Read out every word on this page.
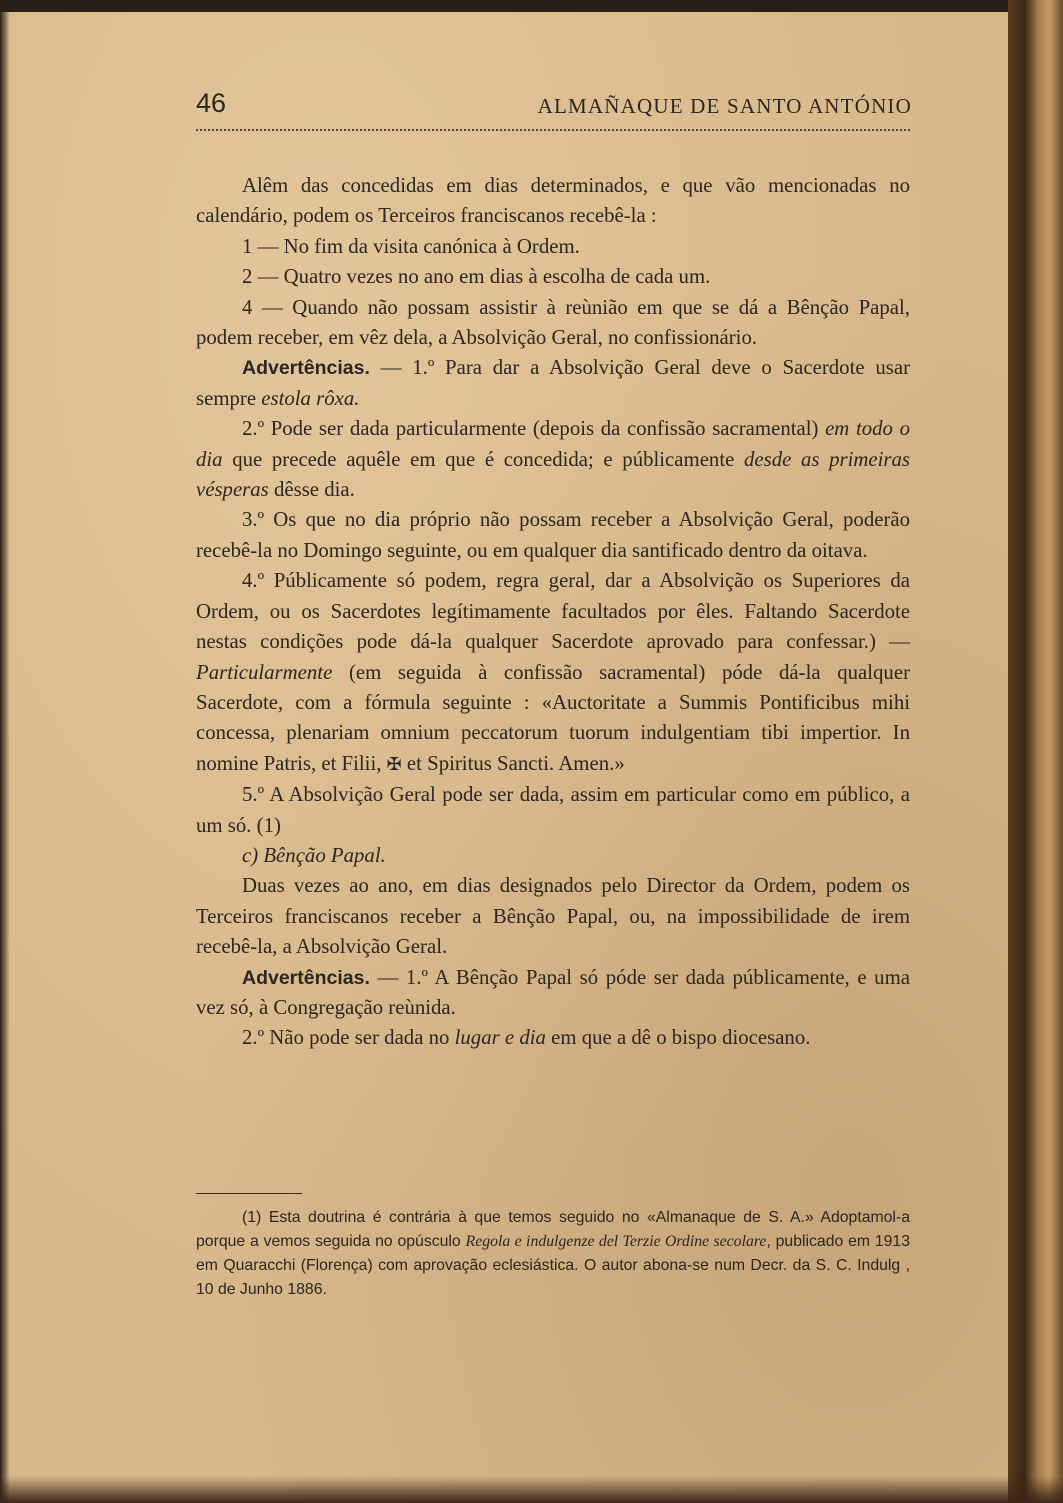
46	ALMAÑAQUE DE SANTO ANTÓNIO

Alêm das concedidas em dias determinados, e que vão mencionadas no calendário, podem os Terceiros franciscanos recebê-la :

1 — No fim da visita canónica à Ordem.

2 — Quatro vezes no ano em dias à escolha de cada um.

4 — Quando não possam assistir à reùnião em que se dá a Bênção Papal, podem receber, em vêz dela, a Absolvição Geral, no confissionário.

Advertências. — 1.º Para dar a Absolvição Geral deve o Sacerdote usar sempre estola rôxa.

2.º Pode ser dada particularmente (depois da confissão sacramental) em todo o dia que precede aquêle em que é concedida; e públicamente desde as primeiras vésperas dêsse dia.

3.º Os que no dia próprio não possam receber a Absolvição Geral, poderão recebê-la no Domingo seguinte, ou em qualquer dia santificado dentro da oitava.

4.º Públicamente só podem, regra geral, dar a Absolvição os Superiores da Ordem, ou os Sacerdotes legítimamente facultados por êles. Faltando Sacerdote nestas condições pode dá-la qualquer Sacerdote aprovado para confessar.) — Particularmente (em seguida à confissão sacramental) póde dá-la qualquer Sacerdote, com a fórmula seguinte : «Auctoritate a Summis Pontificibus mihi concessa, plenariam omnium peccatorum tuorum indulgentiam tibi impertior. In nomine Patris, et Filii, ✠ et Spiritus Sancti. Amen.»

5.º A Absolvição Geral pode ser dada, assim em particular como em público, a um só. (1)

c) Bênção Papal.

Duas vezes ao ano, em dias designados pelo Director da Ordem, podem os Terceiros franciscanos receber a Bênção Papal, ou, na impossibilidade de irem recebê-la, a Absolvição Geral.

Advertências. — 1.º A Bênção Papal só póde ser dada públicamente, e uma vez só, à Congregação reùnida.

2.º Não pode ser dada no lugar e dia em que a dê o bispo diocesano.

(1) Esta doutrina é contrária à que temos seguido no «Almanaque de S. A.» Adoptamol-a porque a vemos seguida no opúsculo Regola e indulgenze del Terzie Ordine secolare, publicado em 1913 em Quaracchi (Florença) com aprovação eclesiástica. O autor abona-se num Decr. da S. C. Indulg , 10 de Junho 1886.
